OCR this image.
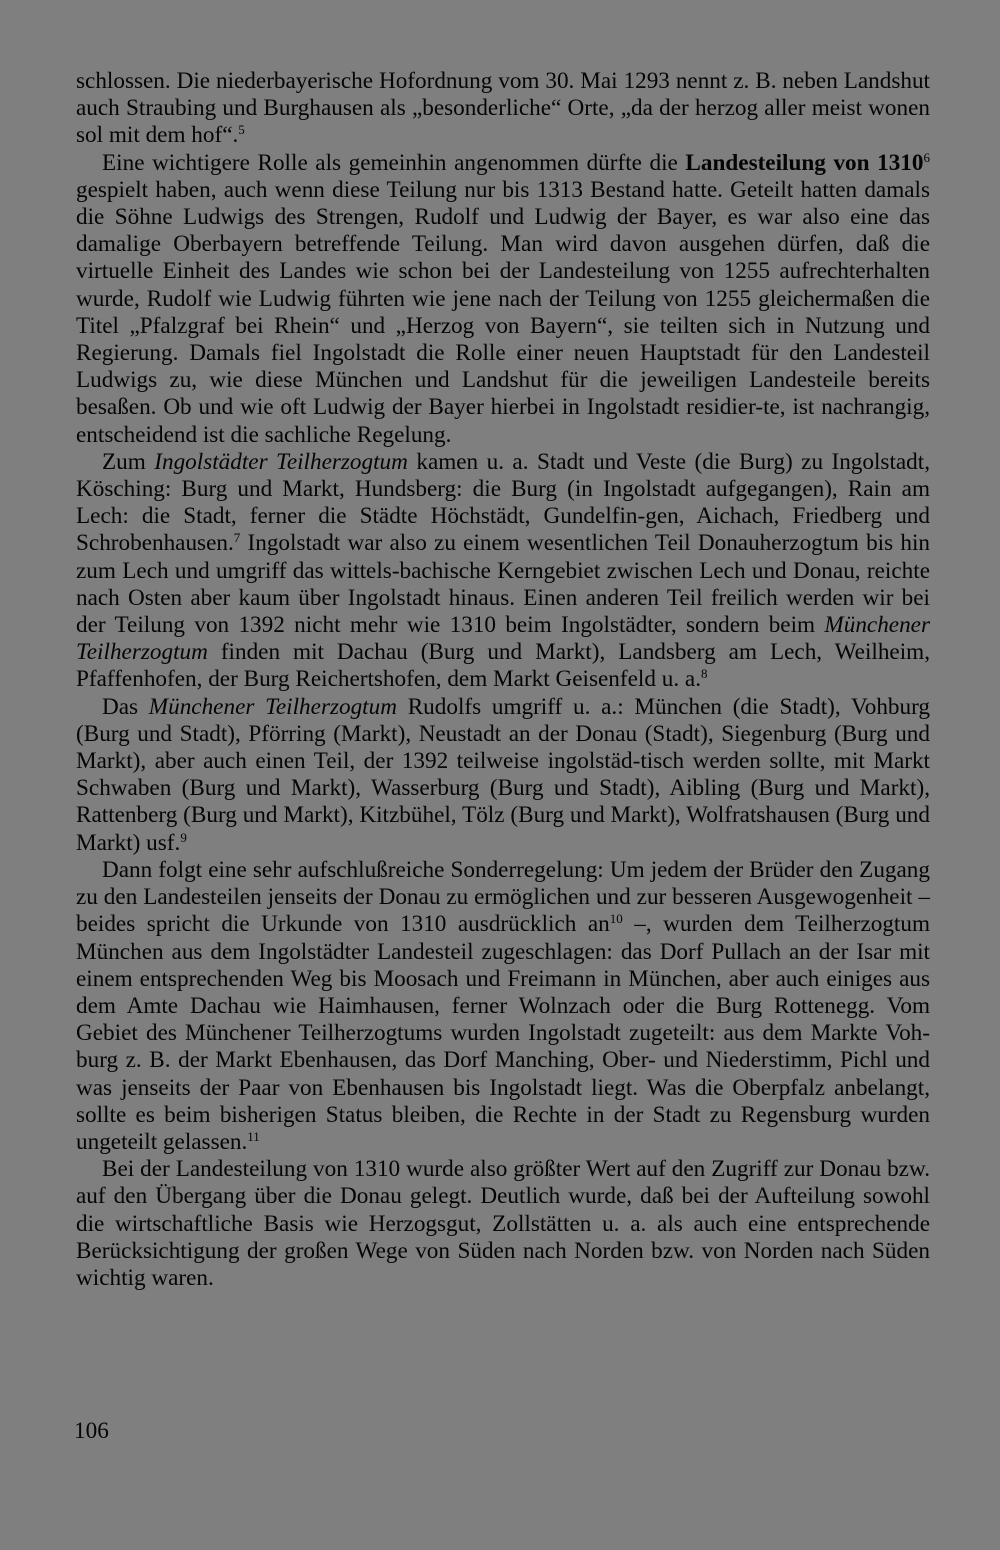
schlossen. Die niederbayerische Hofordnung vom 30. Mai 1293 nennt z. B. neben Landshut auch Straubing und Burghausen als „besonderliche“ Orte, „da der herzog aller meist wonen sol mit dem hof“.$^5$

Eine wichtigere Rolle als gemeinhin angenommen dürfte die Landesteilung von 1310$^6$ gespielt haben, auch wenn diese Teilung nur bis 1313 Bestand hatte. Geteilt hatten damals die Söhne Ludwigs des Strengen, Rudolf und Ludwig der Bayer, es war also eine das damalige Oberbayern betreffende Teilung. Man wird davon ausgehen dürfen, daß die virtuelle Einheit des Landes wie schon bei der Landesteilung von 1255 aufrechterhalten wurde, Rudolf wie Ludwig führten wie jene nach der Teilung von 1255 gleichermaßen die Titel „Pfalzgraf bei Rhein“ und „Herzog von Bayern“, sie teilten sich in Nutzung und Regierung. Damals fiel Ingolstadt die Rolle einer neuen Hauptstadt für den Landesteil Ludwigs zu, wie diese München und Landshut für die jeweiligen Landesteile bereits besaßen. Ob und wie oft Ludwig der Bayer hierbei in Ingolstadt residier-te, ist nachrangig, entscheidend ist die sachliche Regelung.

Zum Ingolstädter Teilherzogtum kamen u. a. Stadt und Veste (die Burg) zu Ingolstadt, Kösching: Burg und Markt, Hundsberg: die Burg (in Ingolstadt aufgegangen), Rain am Lech: die Stadt, ferner die Städte Höchstädt, Gundelfin-gen, Aichach, Friedberg und Schrobenhausen.$^7$ Ingolstadt war also zu einem wesentlichen Teil Donauherzogtum bis hin zum Lech und umgriff das wittels-bachische Kerngebiet zwischen Lech und Donau, reichte nach Osten aber kaum über Ingolstadt hinaus. Einen anderen Teil freilich werden wir bei der Teilung von 1392 nicht mehr wie 1310 beim Ingolstädter, sondern beim Münchener Teilherzogtum finden mit Dachau (Burg und Markt), Landsberg am Lech, Weilheim, Pfaffenhofen, der Burg Reichertshofen, dem Markt Geisenfeld u. a.$^8$

Das Münchener Teilherzogtum Rudolfs umgriff u. a.: München (die Stadt), Vohburg (Burg und Stadt), Pförring (Markt), Neustadt an der Donau (Stadt), Siegenburg (Burg und Markt), aber auch einen Teil, der 1392 teilweise ingolstäd-tisch werden sollte, mit Markt Schwaben (Burg und Markt), Wasserburg (Burg und Stadt), Aibling (Burg und Markt), Rattenberg (Burg und Markt), Kitzbühel, Tölz (Burg und Markt), Wolfratshausen (Burg und Markt) usf.$^9$

Dann folgt eine sehr aufschlußreiche Sonderregelung: Um jedem der Brüder den Zugang zu den Landesteilen jenseits der Donau zu ermöglichen und zur besseren Ausgewogenheit – beides spricht die Urkunde von 1310 ausdrücklich $an^{10}$ –, wurden dem Teilherzogtum München aus dem Ingolstädter Landesteil zugeschlagen: das Dorf Pullach an der Isar mit einem entsprechenden Weg bis Moosach und Freimann in München, aber auch einiges aus dem Amte Dachau wie Haimhausen, ferner Wolnzach oder die Burg Rottenegg. Vom Gebiet des Münchener Teilherzogtums wurden Ingolstadt zugeteilt: aus dem Markte Voh-burg z. B. der Markt Ebenhausen, das Dorf Manching, Ober- und Niederstimm, Pichl und was jenseits der Paar von Ebenhausen bis Ingolstadt liegt. Was die Oberpfalz anbelangt, sollte es beim bisherigen Status bleiben, die Rechte in der Stadt zu Regensburg wurden ungeteilt gelassen.$^{11}$

Bei der Landesteilung von 1310 wurde also größter Wert auf den Zugriff zur Donau bzw. auf den Übergang über die Donau gelegt. Deutlich wurde, daß bei der Aufteilung sowohl die wirtschaftliche Basis wie Herzogsgut, Zollstätten u. a. als auch eine entsprechende Berücksichtigung der großen Wege von Süden nach Norden bzw. von Norden nach Süden wichtig waren.

106
